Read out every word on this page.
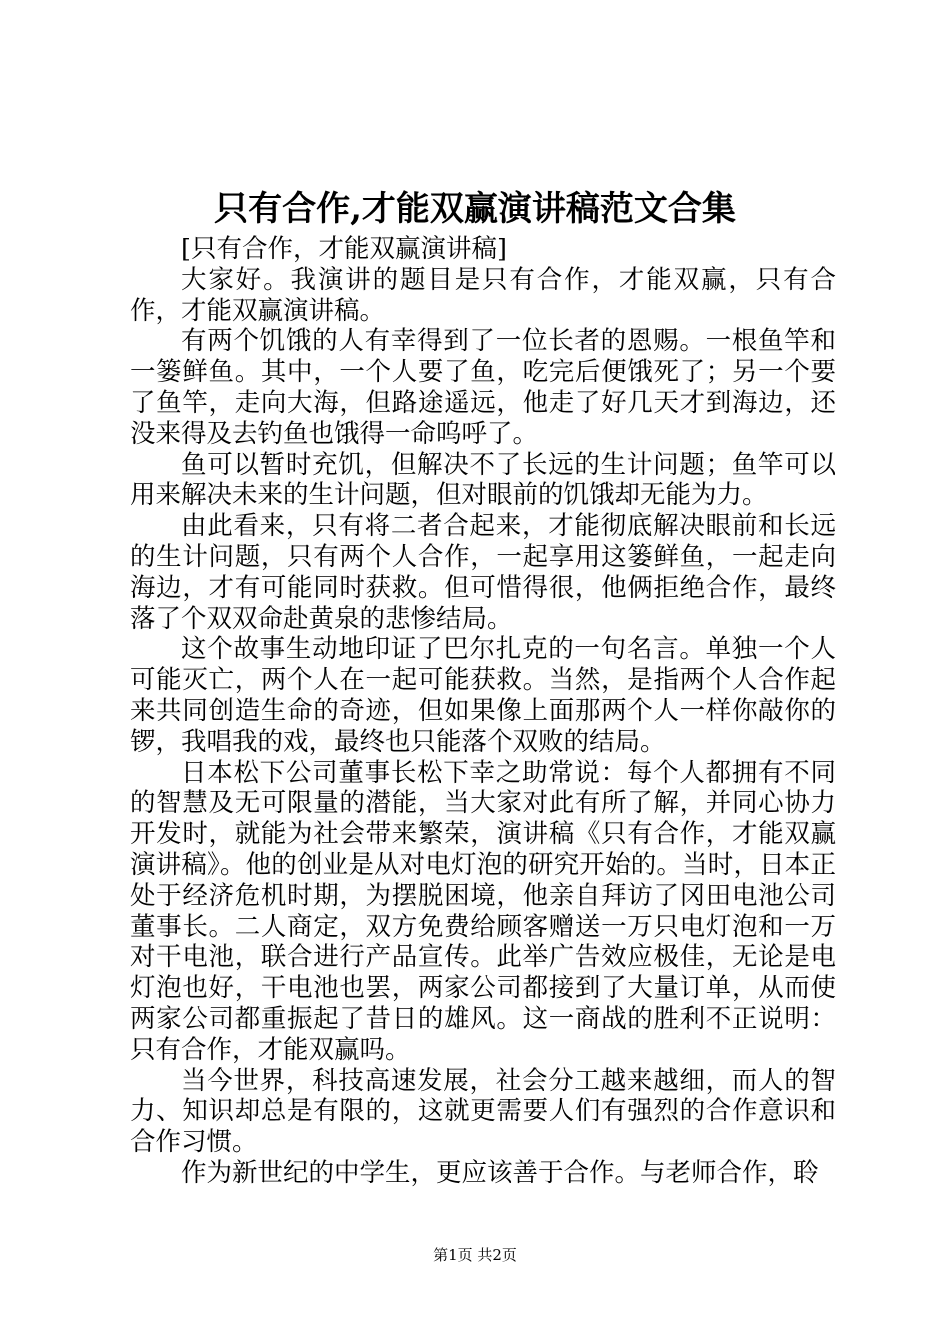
只有合作,才能双赢演讲稿范文合集

[只有合作，才能双赢演讲稿]

大家好。我演讲的题目是只有合作，才能双赢，只有合作，才能双赢演讲稿。

有两个饥饿的人有幸得到了一位长者的恩赐。一根鱼竿和一篓鲜鱼。其中，一个人要了鱼，吃完后便饿死了；另一个要了鱼竿，走向大海，但路途遥远，他走了好几天才到海边，还没来得及去钓鱼也饿得一命呜呼了。

鱼可以暂时充饥，但解决不了长远的生计问题；鱼竿可以用来解决未来的生计问题，但对眼前的饥饿却无能为力。

由此看来，只有将二者合起来，才能彻底解决眼前和长远的生计问题，只有两个人合作，一起享用这篓鲜鱼，一起走向海边，才有可能同时获救。但可惜得很，他俩拒绝合作，最终落了个双双命赴黄泉的悲惨结局。

这个故事生动地印证了巴尔扎克的一句名言。单独一个人可能灭亡，两个人在一起可能获救。当然，是指两个人合作起来共同创造生命的奇迹，但如果像上面那两个人一样你敲你的锣，我唱我的戏，最终也只能落个双败的结局。

日本松下公司董事长松下幸之助常说：每个人都拥有不同的智慧及无可限量的潜能，当大家对此有所了解，并同心协力开发时，就能为社会带来繁荣，演讲稿《只有合作，才能双赢演讲稿》。他的创业是从对电灯泡的研究开始的。当时，日本正处于经济危机时期，为摆脱困境，他亲自拜访了冈田电池公司董事长。二人商定，双方免费给顾客赠送一万只电灯泡和一万对干电池，联合进行产品宣传。此举广告效应极佳，无论是电灯泡也好，干电池也罢，两家公司都接到了大量订单，从而使两家公司都重振起了昔日的雄风。这一商战的胜利不正说明：只有合作，才能双赢吗。

当今世界，科技高速发展，社会分工越来越细，而人的智力、知识却总是有限的，这就更需要人们有强烈的合作意识和合作习惯。

作为新世纪的中学生，更应该善于合作。与老师合作，聆

第1页 共2页
